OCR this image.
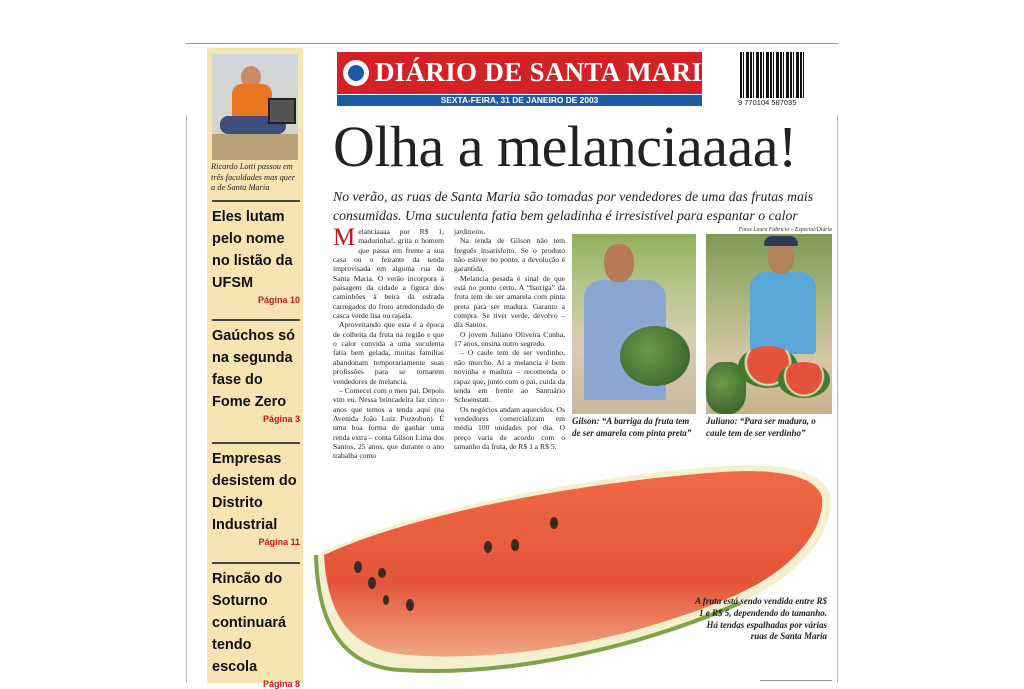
Ricardo Lotti passou em três faculdades mas quer a de Santa Maria
Eles lutam pelo nome no listão da UFSM
Página 10
Gaúchos só na segunda fase do Fome Zero
Página 3
Empresas desistem do Distrito Industrial
Página 11
Rincão do Soturno continuará tendo escola
Página 8
DIÁRIO DE SANTA MARIA
SEXTA-FEIRA, 31 DE JANEIRO DE 2003	9 770104 587035
Olha a melanciaaaa!
No verão, as ruas de Santa Maria são tomadas por vendedores de uma das frutas mais consumidas. Uma suculenta fatia bem geladinha é irresistível para espantar o calor

Melanciaaaa por R$ 1, madurinha!, grita o homem que passa em frente a sua casa ou o feirante da tenda improvisada em alguma rua de Santa Maria. O verão incorpora à paisagem da cidade a figura dos caminhões à beira da estrada carregados do fruto arredondado de casca verde lisa ou rajada.

Aproveitando que esta é a época de colheita da fruta na região e que o calor convida a uma suculenta fatia bem gelada, muitas famílias abandonam temporariamente suas profissões para se tornarem vendedores de melancia.

– Comecei com o meu pai. Depois vim eu. Nessa brincadeira faz cinco anos que temos a tenda aqui (na Avenida João Luiz Pozzobon). É uma boa forma de ganhar uma renda extra – conta Gilson Lima dos Santos, 25 anos, que durante o ano trabalha como

jardineiro.

Na tenda de Gilson não tem freguês insatisfeito. Se o produto não estiver no ponto, a devolução é garantida.

Melancia pesada é sinal de que está no ponto certo. A “barriga” da fruta tem de ser amarela com pinta preta para ser madura. Garanto a compra. Se tiver verde, devolvo – diz Santos.

O jovem Juliano Oliveira Cunha, 17 anos, ensina outro segredo.

– O caule tem de ser verdinho, não murcho. Aí a melancia é bem novinha e madura – recomenda o rapaz que, junto com o pai, cuida da tenda em frente ao Santuário Schoenstatt.

Os negócios andam aquecidos. Os vendedores comercializam em média 100 unidades por dia. O preço varia de acordo com o tamanho da fruta, de R$ 1 a R$ 5.

Fotos Laura Fabrício – Especial/Diário
Gilson: “A barriga da fruta tem de ser amarela com pinta preta”
Juliano: “Para ser madura, o caule tem de ser verdinho”
A fruta está sendo vendida entre R$ 1 e R$ 5, dependendo do tamanho. Há tendas espalhadas por várias ruas de Santa Maria
